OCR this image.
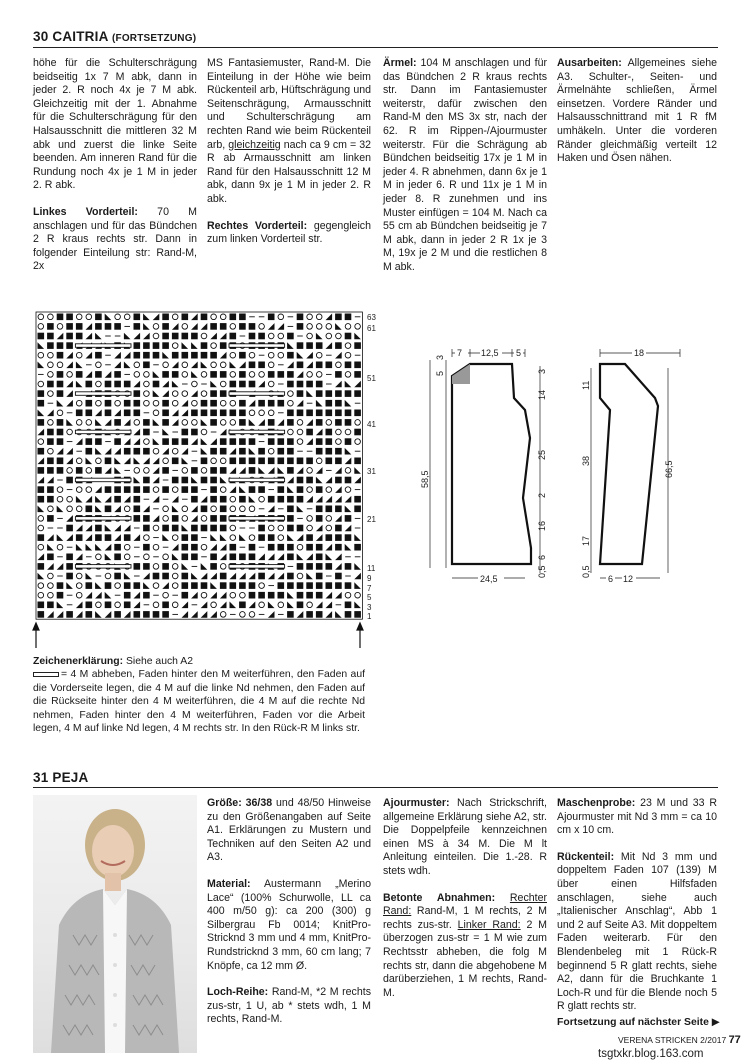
30 CAITRIA (FORTSETZUNG)

höhe für die Schulterschrägung beidseitig 1x 7 M abk, dann in jeder 2. R noch 4x je 7 M abk. Gleichzeitig mit der 1. Abnahme für die Schulterschrägung für den Halsausschnitt die mittleren 32 M abk und zuerst die linke Seite beenden. Am inneren Rand für die Rundung noch 4x je 1 M in jeder 2. R abk.

Linkes Vorderteil: 70 M anschlagen und für das Bündchen 2 R kraus rechts str. Dann in folgender Einteilung str: Rand-M, 2x

MS Fantasiemuster, Rand-M. Die Einteilung in der Höhe wie beim Rückenteil arb, Hüftschrägung und Seitenschrägung, Armausschnitt und Schulterschrägung am rechten Rand wie beim Rückenteil arb, gleichzeitig nach ca 9 cm = 32 R ab Armausschnitt am linken Rand für den Halsausschnitt 12 M abk, dann 9x je 1 M in jeder 2. R abk.

Rechtes Vorderteil: gegengleich zum linken Vorderteil str.

Ärmel: 104 M anschlagen und für das Bündchen 2 R kraus rechts str. Dann im Fantasiemuster weiterstr, dafür zwischen den Rand-M den MS 3x str, nach der 62. R im Rippen-/Ajourmuster weiterstr. Für die Schrägung ab Bündchen beidseitig 17x je 1 M in jeder 4. R abnehmen, dann 6x je 1 M in jeder 6. R und 11x je 1 M in jeder 8. R zunehmen und ins Muster einfügen = 104 M. Nach ca 55 cm ab Bündchen beidseitig je 7 M abk, dann in jeder 2 R 1x je 3 M, 19x je 2 M und die restlichen 8 M abk.

Ausarbeiten: Allgemeines siehe A3. Schulter-, Seiten- und Ärmelnähte schließen, Ärmel einsetzen. Vordere Ränder und Halsausschnittrand mit 1 R fM umhäkeln. Unter die vorderen Ränder gleichmäßig verteilt 12 Haken und Ösen nähen.

63
61
51
41
31
21
11
9
7
5
3
1
7 12,5 5
5
3
58,5
3
14
25
2
16
6
0,5
24,5
18
11
38
17
0,5
66,5
6 12
Zeichenerklärung: Siehe auch A2
= 4 M abheben, Faden hinter den M weiterführen, den Faden auf die Vorderseite legen, die 4 M auf die linke Nd nehmen, den Faden auf die Rückseite hinter den 4 M weiterführen, die 4 M auf die rechte Nd nehmen, Faden hinter den 4 M weiterführen, Faden vor die Arbeit legen, 4 M auf linke Nd legen, 4 M rechts str. In den Rück-R M links str.
31 PEJA

Größe: 36/38 und 48/50 Hinweise zu den Größenangaben auf Seite A1. Erklärungen zu Mustern und Techniken auf den Seiten A2 und A3.

Material: Austermann „Merino Lace“ (100% Schurwolle, LL ca 400 m/50 g): ca 200 (300) g Silbergrau Fb 0014; KnitPro-Stricknd 3 mm und 4 mm, KnitPro-Rundstricknd 3 mm, 60 cm lang; 7 Knöpfe, ca 12 mm Ø.

Loch-Reihe: Rand-M, *2 M rechts zus-str, 1 U, ab * stets wdh, 1 M rechts, Rand-M.

Ajourmuster: Nach Strickschrift, allgemeine Erklärung siehe A2, str. Die Doppelpfeile kennzeichnen einen MS à 34 M. Die M lt Anleitung einteilen. Die 1.-28. R stets wdh.

Betonte Abnahmen: Rechter Rand: Rand-M, 1 M rechts, 2 M rechts zus-str. Linker Rand: 2 M überzogen zus-str = 1 M wie zum Rechtsstr abheben, die folg M rechts str, dann die abgehobene M darüberziehen, 1 M rechts, Rand-M.

Maschenprobe: 23 M und 33 R Ajourmuster mit Nd 3 mm = ca 10 cm x 10 cm.

Rückenteil: Mit Nd 3 mm und doppeltem Faden 107 (139) M über einen Hilfsfaden anschlagen, siehe auch „Italienischer Anschlag“, Abb 1 und 2 auf Seite A3. Mit doppeltem Faden weiterarb. Für den Blendenbeleg mit 1 Rück-R beginnend 5 R glatt rechts, siehe A2, dann für die Bruchkante 1 Loch-R und für die Blende noch 5 R glatt rechts str.

Fortsetzung auf nächster Seite ▶
VERENA STRICKEN 2/2017 77
tsgtxkr.blog.163.com
